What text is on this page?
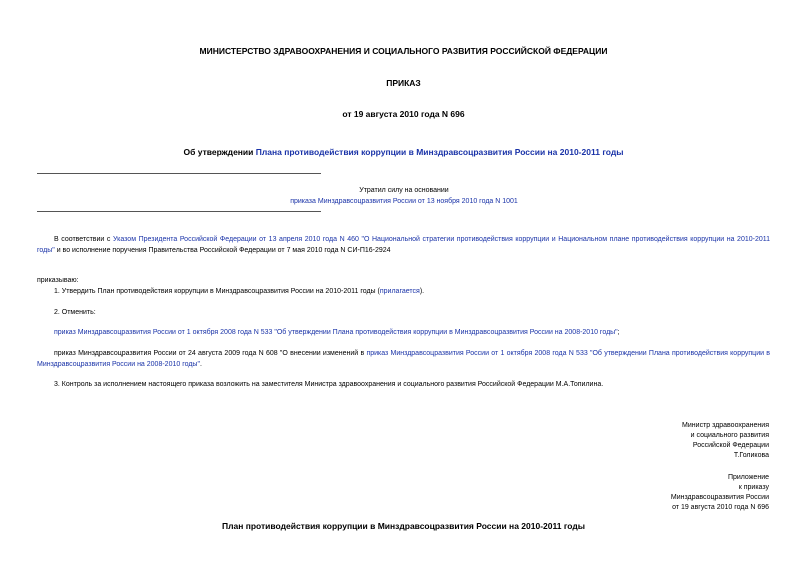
МИНИСТЕРСТВО ЗДРАВООХРАНЕНИЯ И СОЦИАЛЬНОГО РАЗВИТИЯ РОССИЙСКОЙ ФЕДЕРАЦИИ
ПРИКАЗ
от 19 августа 2010 года N 696
Об утверждении Плана противодействия коррупции в Минздравсоцразвития России на 2010-2011 годы
Утратил силу на основании
приказа Минздравсоцразвития России от 13 ноября 2010 года N 1001
В соответствии с Указом Президента Российской Федерации от 13 апреля 2010 года N 460 "О Национальной стратегии противодействия коррупции и Национальном плане противодействия коррупции на 2010-2011 годы" и во исполнение поручения Правительства Российской Федерации от 7 мая 2010 года N СИ-П16-2924
приказываю:
1. Утвердить План противодействия коррупции в Минздравсоцразвития России на 2010-2011 годы (прилагается).
2. Отменить:
приказ Минздравсоцразвития России от 1 октября 2008 года N 533 "Об утверждении Плана противодействия коррупции в Минздравсоцразвития России на 2008-2010 годы";
приказ Минздравсоцразвития России от 24 августа 2009 года N 608 "О внесении изменений в приказ Минздравсоцразвития России от 1 октября 2008 года N 533 "Об утверждении Плана противодействия коррупции в Минздравсоцразвития России на 2008-2010 годы".
3. Контроль за исполнением настоящего приказа возложить на заместителя Министра здравоохранения и социального развития Российской Федерации М.А.Топилина.
Министр здравоохранения
и социального развития
Российской Федерации
Т.Голикова
Приложение
к приказу
Минздравсоцразвития России
от 19 августа 2010 года N 696
План противодействия коррупции в Минздравсоцразвития России на 2010-2011 годы
